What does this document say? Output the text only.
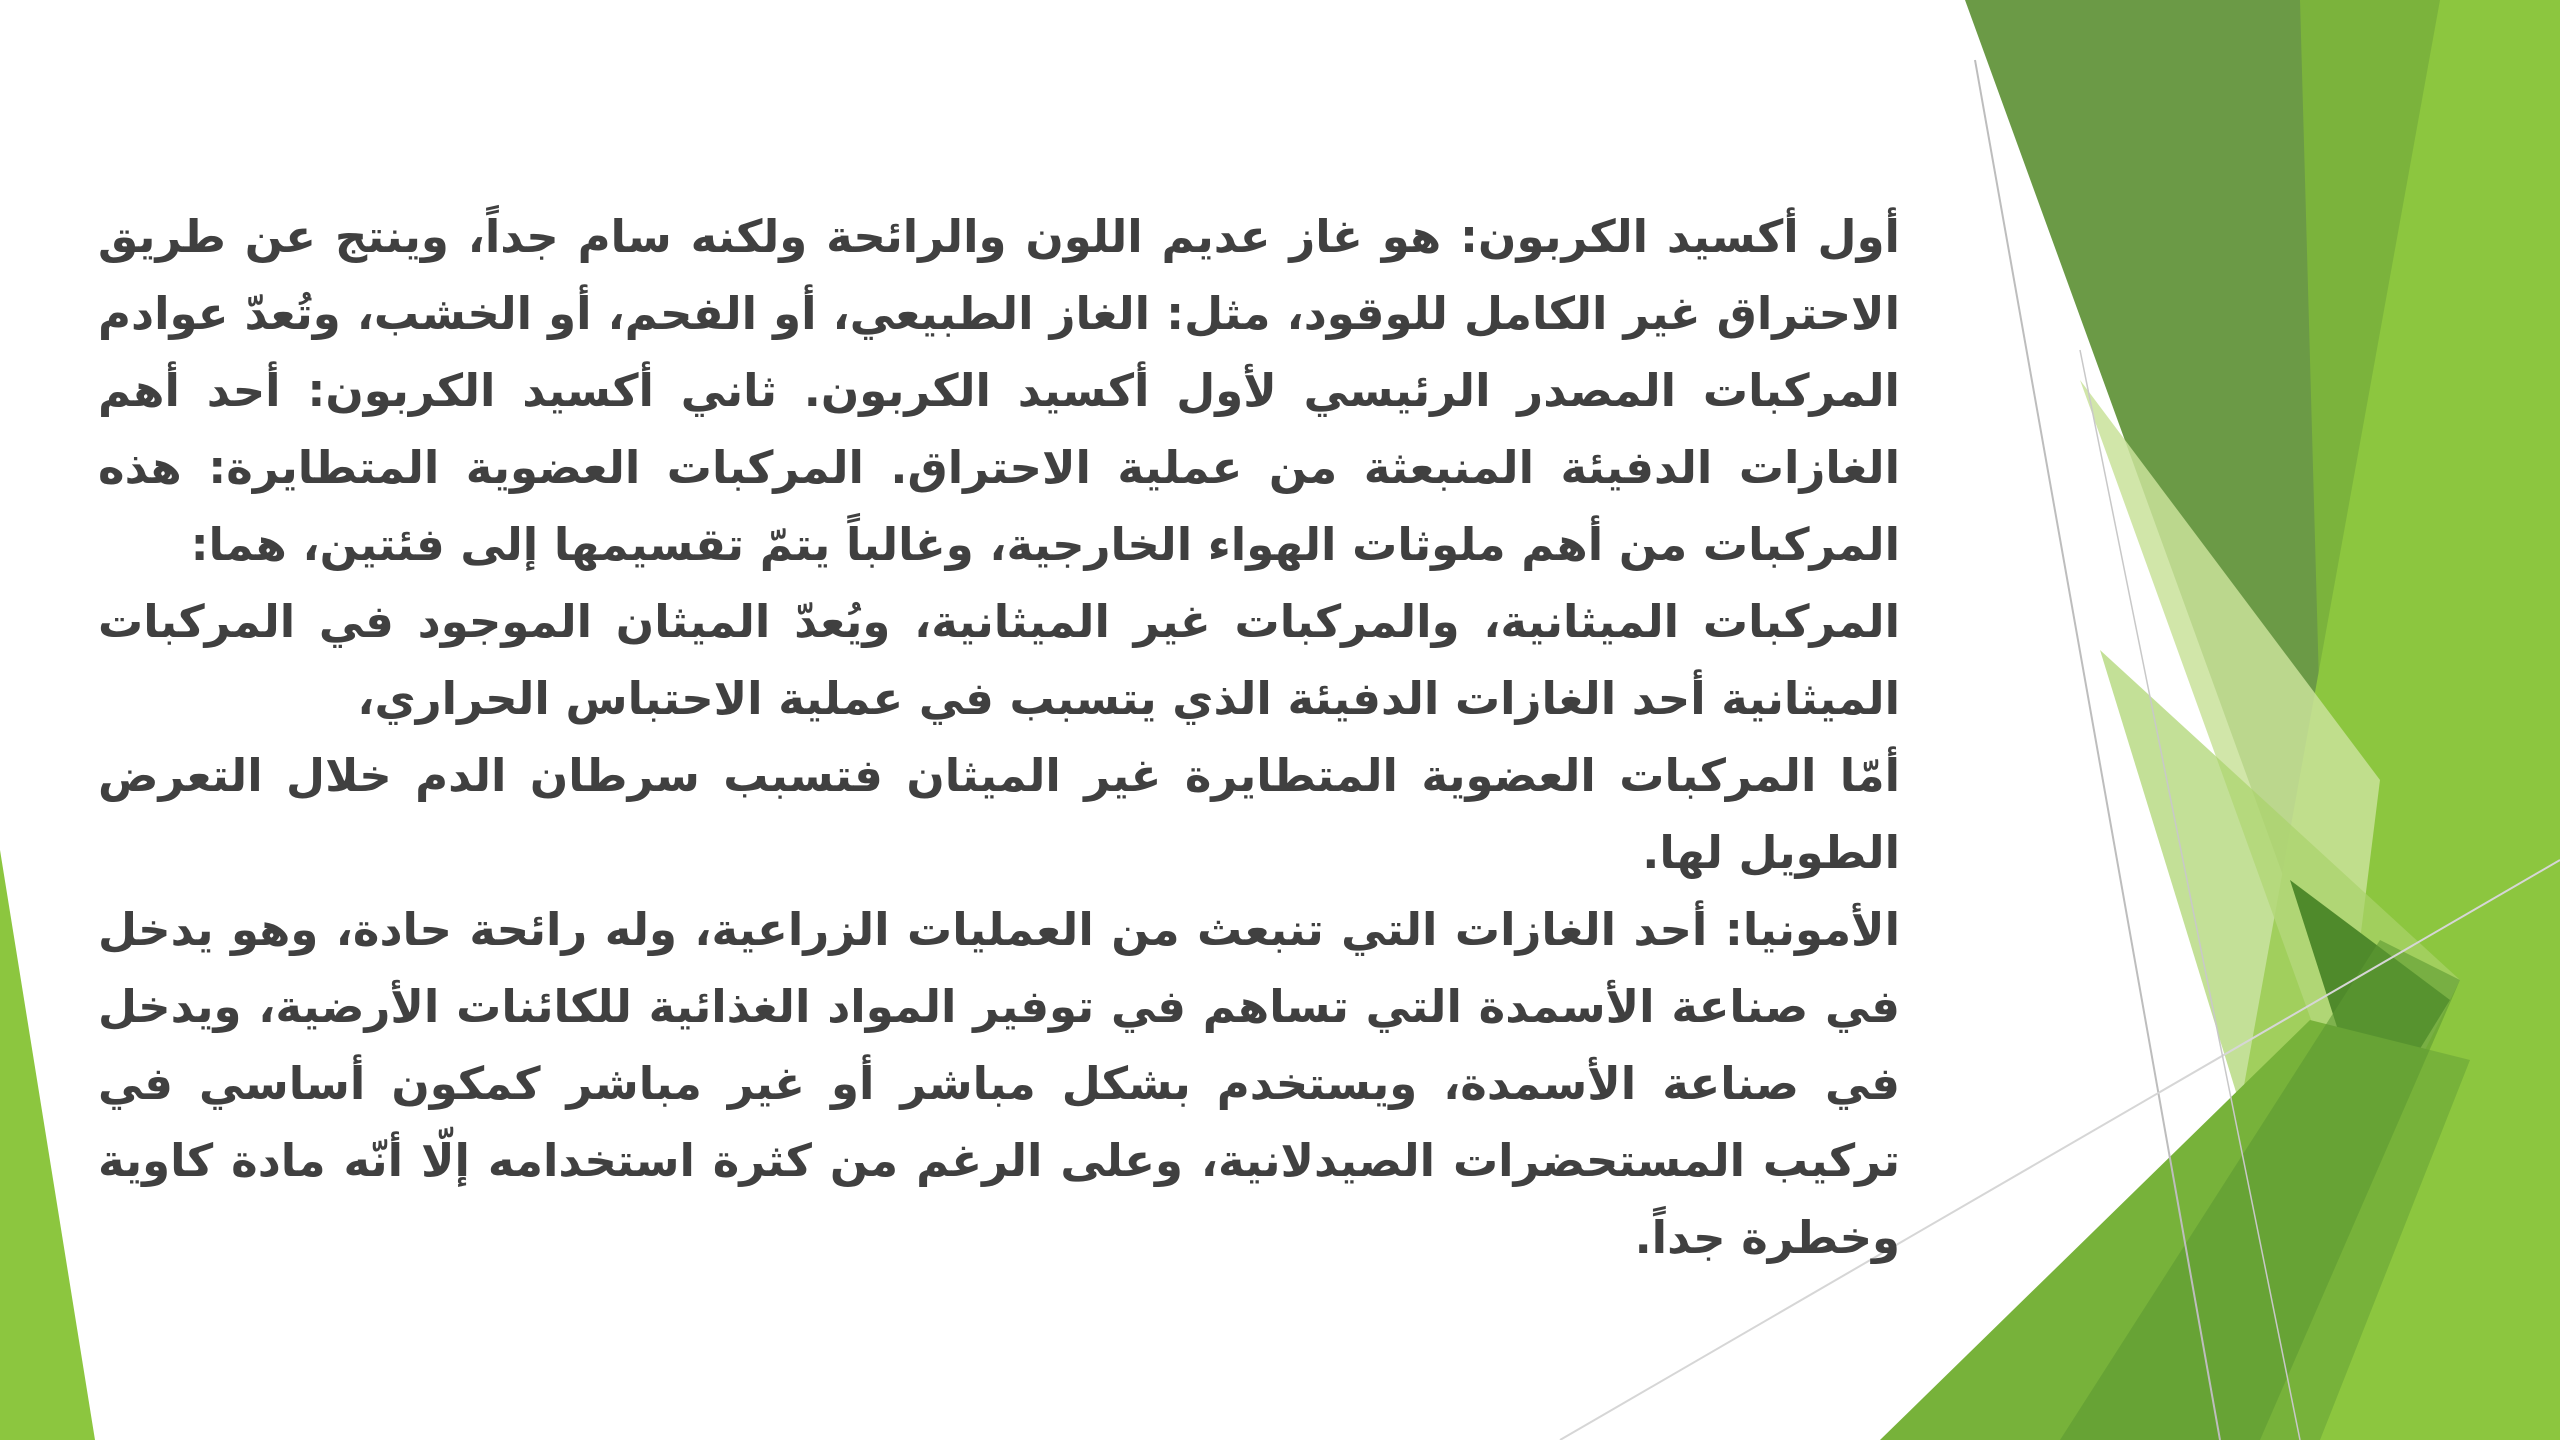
أول أكسيد الكربون: هو غاز عديم اللون والرائحة ولكنه سام جداً، وينتج عن طريق الاحتراق غير الكامل للوقود، مثل: الغاز الطبيعي، أو الفحم، أو الخشب، وتُعدّ عوادم المركبات المصدر الرئيسي لأول أكسيد الكربون. ثاني أكسيد الكربون: أحد أهم الغازات الدفيئة المنبعثة من عملية الاحتراق. المركبات العضوية المتطايرة: هذه المركبات من أهم ملوثات الهواء الخارجية، وغالباً يتمّ تقسيمها إلى فئتين، هما:

المركبات الميثانية، والمركبات غير الميثانية، ويُعدّ الميثان الموجود في المركبات الميثانية أحد الغازات الدفيئة الذي يتسبب في عملية الاحتباس الحراري،

أمّا المركبات العضوية المتطايرة غير الميثان فتسبب سرطان الدم خلال التعرض الطويل لها.

الأمونيا: أحد الغازات التي تنبعث من العمليات الزراعية، وله رائحة حادة، وهو يدخل في صناعة الأسمدة التي تساهم في توفير المواد الغذائية للكائنات الأرضية، ويدخل في صناعة الأسمدة، ويستخدم بشكل مباشر أو غير مباشر كمكون أساسي في تركيب المستحضرات الصيدلانية، وعلى الرغم من كثرة استخدامه إلّا أنّه مادة كاوية وخطرة جداً.
